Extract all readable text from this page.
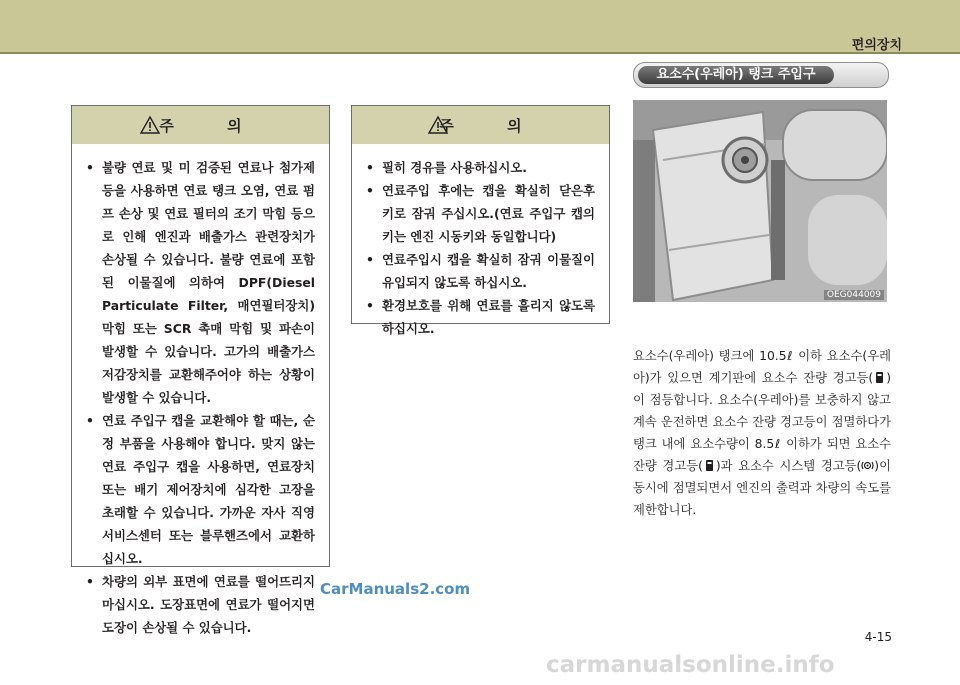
편의장치
주 의
• 불량 연료 및 미 검증된 연료나 첨가제 등을 사용하면 연료 탱크 오염, 연료 펌프 손상 및 연료 필터의 조기 막힘 등으로 인해 엔진과 배출가스 관련장치가 손상될 수 있습니다. 불량 연료에 포함된 이물질에 의하여 DPF(Diesel Particulate Filter, 매연필터장치) 막힘 또는 SCR 촉매 막힘 및 파손이 발생할 수 있습니다. 고가의 배출가스 저감장치를 교환해주어야 하는 상황이 발생할 수 있습니다.
• 연료 주입구 캡을 교환해야 할 때는, 순정 부품을 사용해야 합니다. 맞지 않는 연료 주입구 캡을 사용하면, 연료장치 또는 배기 제어장치에 심각한 고장을 초래할 수 있습니다. 가까운 자사 직영 서비스센터 또는 블루핸즈에서 교환하십시오.
• 차량의 외부 표면에 연료를 떨어뜨리지 마십시오. 도장표면에 연료가 떨어지면 도장이 손상될 수 있습니다.
주 의
• 필히 경유를 사용하십시오.
• 연료주입 후에는 캡을 확실히 닫은후 키로 잠궈 주십시오.(연료 주입구 캡의 키는 엔진 시동키와 동일합니다)
• 연료주입시 캡을 확실히 잠궈 이물질이 유입되지 않도록 하십시오.
• 환경보호를 위해 연료를 흘리지 않도록 하십시오.
요소수(우레아) 탱크 주입구
OEG044009
요소수(우레아) 탱크에 10.5ℓ 이하 요소수(우레아)가 있으면 계기판에 요소수 잔량 경고등( )이 점등합니다. 요소수(우레아)를 보충하지 않고 계속 운전하면 요소수 잔량 경고등이 점멸하다가 탱크 내에 요소수량이 8.5ℓ 이하가 되면 요소수 잔량 경고등( )과 요소수 시스템 경고등( )이 동시에 점멸되면서 엔진의 출력과 차량의 속도를 제한합니다.
CarManuals2.com
4-15
carmanualsonline.info
